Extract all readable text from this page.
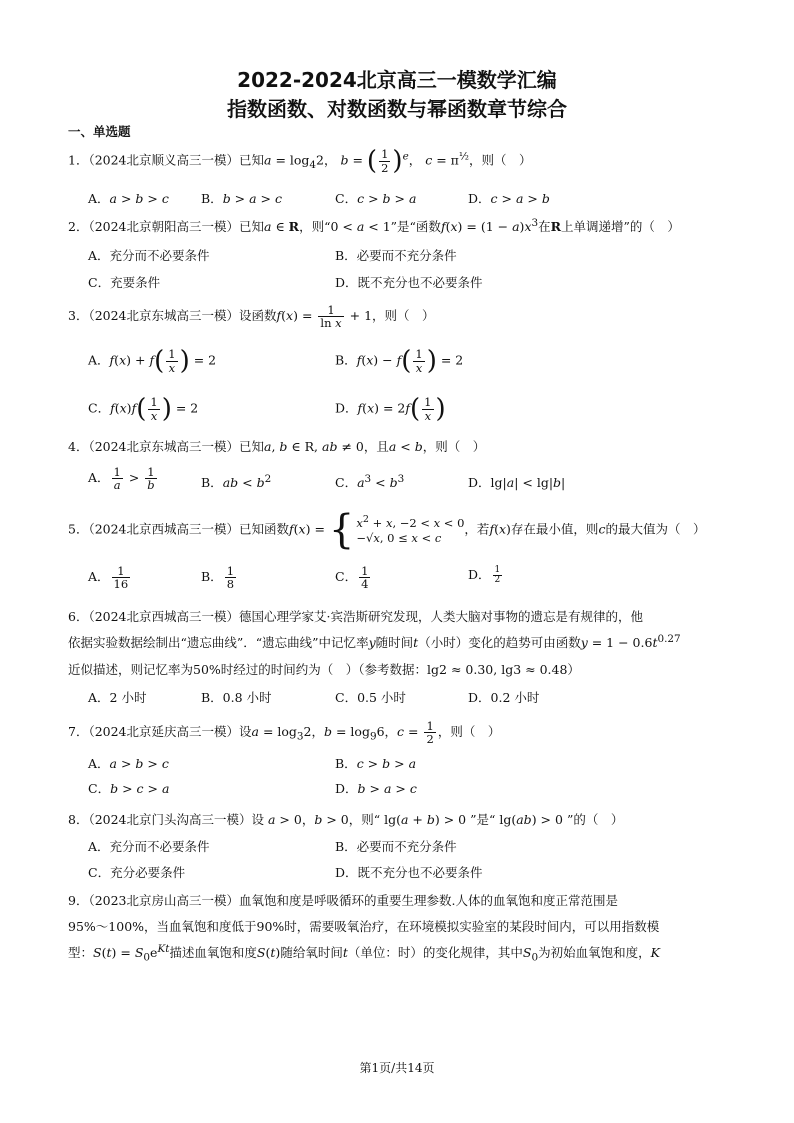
2022-2024北京高三一模数学汇编
指数函数、对数函数与幂函数章节综合
一、单选题
1．（2024北京顺义高三一模）已知$a = \log_42$， b = ( $\frac{1}{2} )^e$， $c = \pi^{\frac{1}{2}}$，则（　）
A．a > b > c	B．b > a > c	C．c > b > a	D．c > a > b
2．（2024北京朝阳高三一模）已知a ∈ R，则“0 < a < 1”是“函数$f(x) = (1 - a)x^3$在R上单调递增”的（　）
A．充分而不必要条件	B．必要而不充分条件
C．充要条件	D．既不充分也不必要条件
3．（2024北京东城高三一模）设函数$f(x) = \frac{1}{\text{ln x}} + 1$，则（　）
A．$f(x) + f( \frac{1}{x}$ ) = 2	B．$f(x) - f( \frac{1}{x}$ ) = 2
C．$f(x)f( \frac{1}{x}$ ) = 2	D．$f(x) = 2f( \frac{1}{x}$ )
4．（2024北京东城高三一模）已知a, b ∈ R, ab ≠ 0，且a < b，则（　）
A． $\frac{1}{a} > \frac{1}{b}$	B．ab < $b^2$	C．$a^3 < b^3$	D．lg|a| < lg|b|
5．（2024北京西城高三一模）已知函数f(x) = { $x^2 + x$, −2 < x < 0
−√x, 0 ≤ x < c，若f(x)存在最小值，则c的最大值为（　）
A． $\frac{1}{16}$	B． $\frac{1}{8}$	C． $\frac{1}{4}$	D． $\frac{1}{2}$
6．（2024北京西城高三一模）德国心理学家艾·宾浩斯研究发现，人类大脑对事物的遗忘是有规律的，他
依据实验数据绘制出“遗忘曲线”．“遗忘曲线”中记忆率y随时间t（小时）变化的趋势可由函数$y = 1 - 0.6t^{0.27}$
近似描述，则记忆率为50%时经过的时间约为（　）（参考数据：lg2 ≈ 0.30, lg3 ≈ 0.48）
A．2 小时	B．0.8 小时	C．0.5 小时	D．0.2 小时
7．（2024北京延庆高三一模）设$a = \log_32$，$b = \log_96$，$c = \frac{1}{2}$ ，则（　）
A．a > b > c	B．c > b > a
C．b > c > a	D．b > a > c
8．（2024北京门头沟高三一模）设 a > 0，b > 0，则“ lg(a + b) > 0 ”是“ lg(ab) > 0 ”的（　）
A．充分而不必要条件	B．必要而不充分条件
C．充分必要条件	D．既不充分也不必要条件
9．（2023北京房山高三一模）血氧饱和度是呼吸循环的重要生理参数.人体的血氧饱和度正常范围是
95%～100%，当血氧饱和度低于90%时，需要吸氧治疗，在环境模拟实验室的某段时间内，可以用指数模
型：$S(t) = S_0e^{Kt}$描述血氧饱和度S(t)随给氧时间t（单位：时）的变化规律，其中$S_0$为初始血氧饱和度，K
第1页/共14页
